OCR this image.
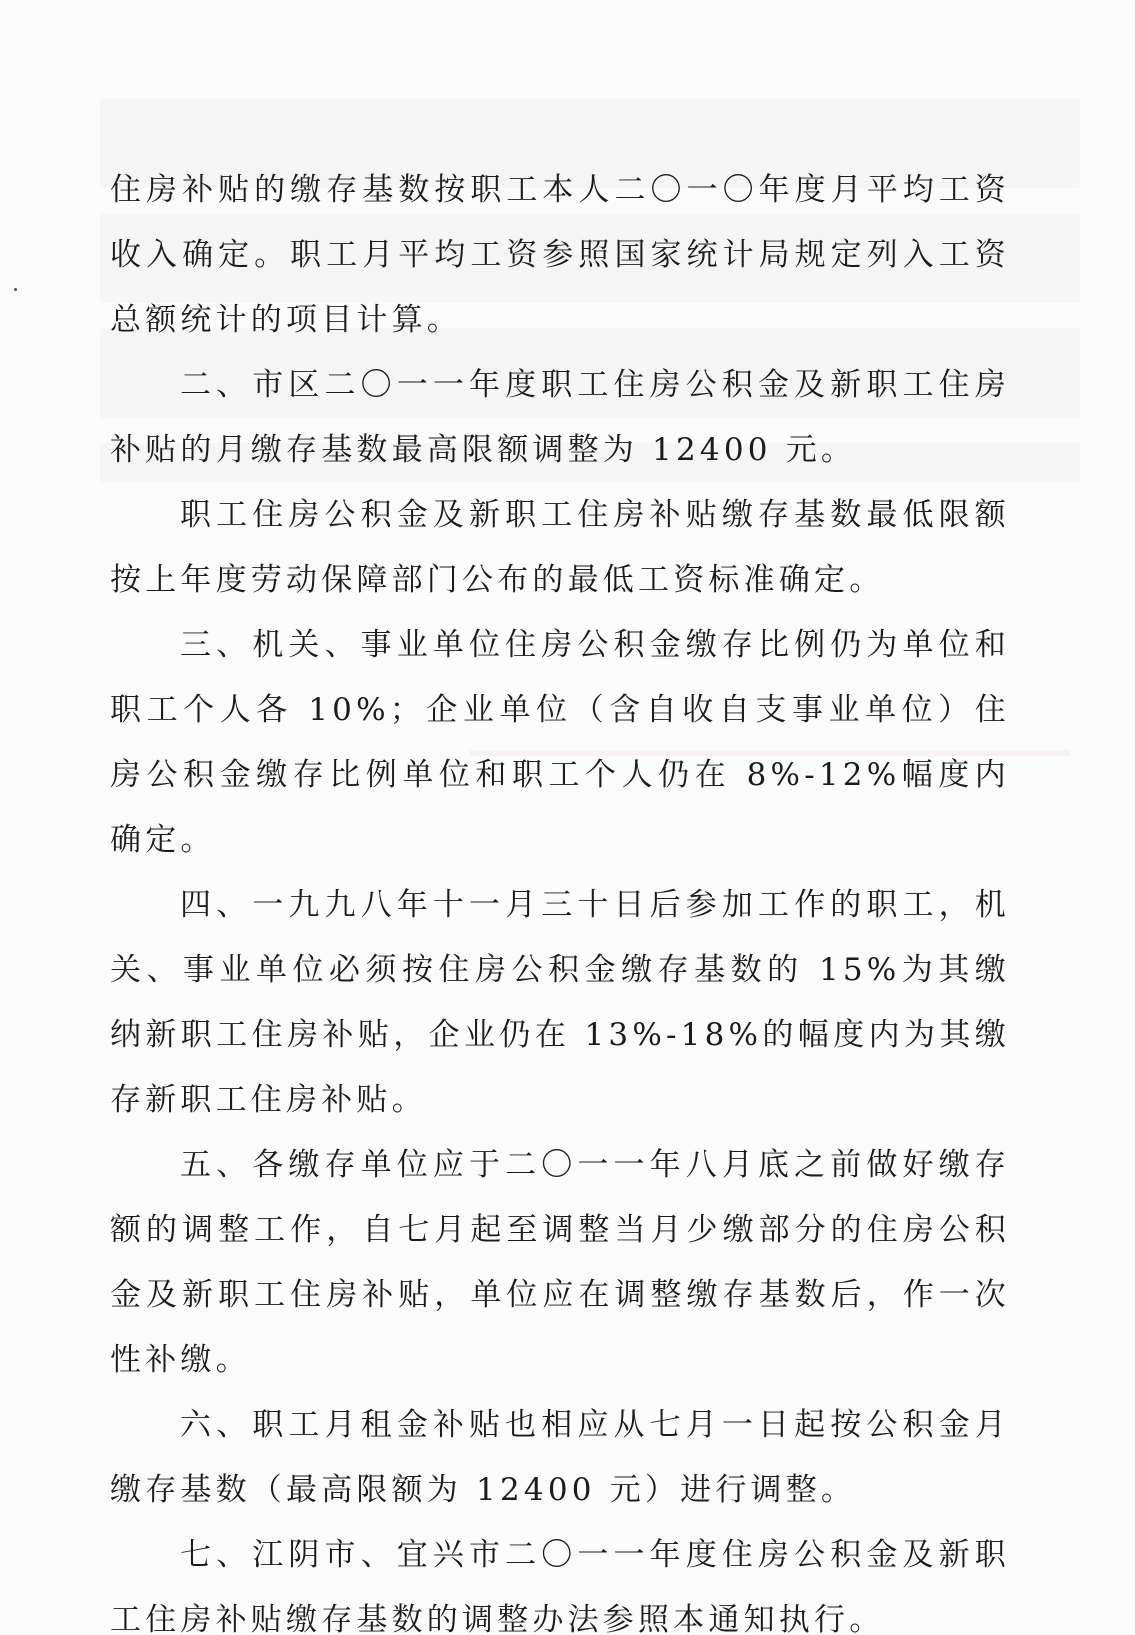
住房补贴的缴存基数按职工本人二〇一〇年度月平均工资收入确定。职工月平均工资参照国家统计局规定列入工资总额统计的项目计算。

二、市区二〇一一年度职工住房公积金及新职工住房补贴的月缴存基数最高限额调整为 12400 元。

职工住房公积金及新职工住房补贴缴存基数最低限额按上年度劳动保障部门公布的最低工资标准确定。

三、机关、事业单位住房公积金缴存比例仍为单位和职工个人各 10%；企业单位（含自收自支事业单位）住房公积金缴存比例单位和职工个人仍在 8%-12%幅度内确定。

四、一九九八年十一月三十日后参加工作的职工，机关、事业单位必须按住房公积金缴存基数的 15%为其缴纳新职工住房补贴，企业仍在 13%-18%的幅度内为其缴存新职工住房补贴。

五、各缴存单位应于二〇一一年八月底之前做好缴存额的调整工作，自七月起至调整当月少缴部分的住房公积金及新职工住房补贴，单位应在调整缴存基数后，作一次性补缴。

六、职工月租金补贴也相应从七月一日起按公积金月缴存基数（最高限额为 12400 元）进行调整。

七、江阴市、宜兴市二〇一一年度住房公积金及新职工住房补贴缴存基数的调整办法参照本通知执行。
